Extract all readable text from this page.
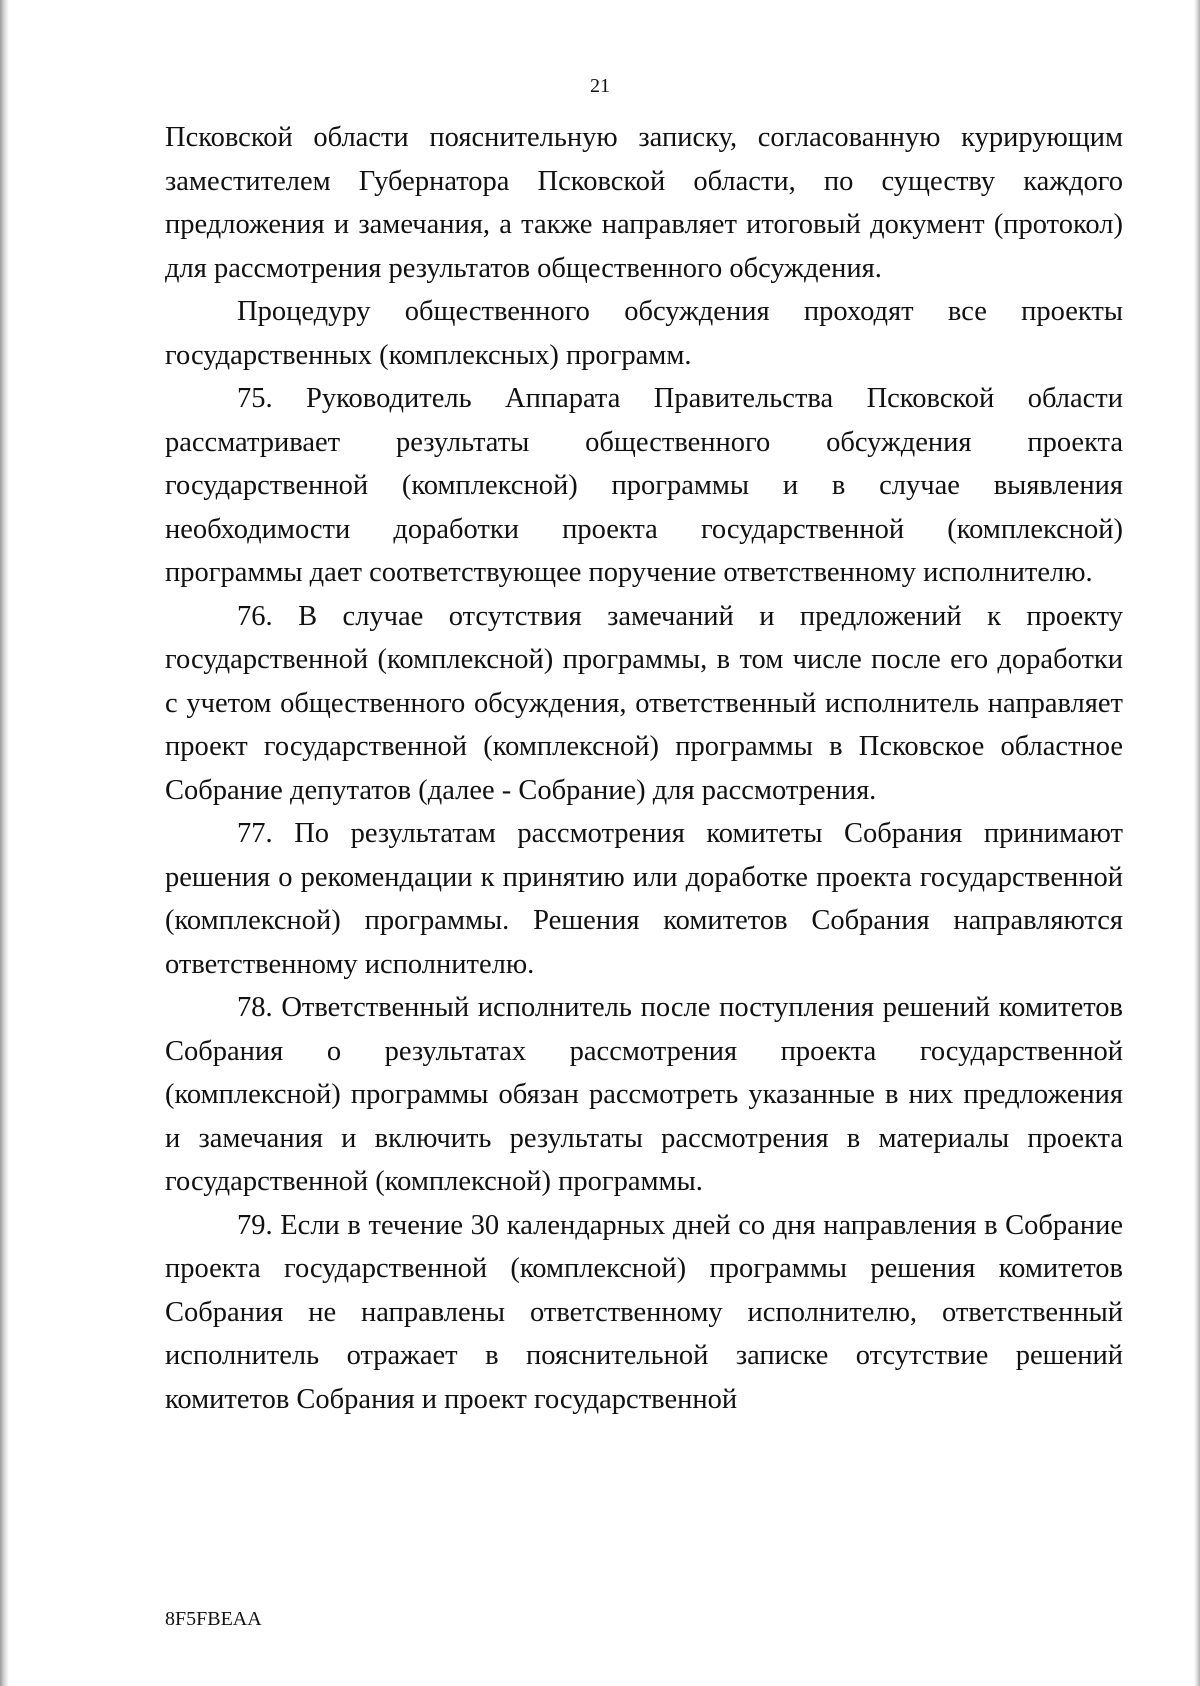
21

Псковской области пояснительную записку, согласованную курирующим заместителем Губернатора Псковской области, по существу каждого предложения и замечания, а также направляет итоговый документ (протокол) для рассмотрения результатов общественного обсуждения.

Процедуру общественного обсуждения проходят все проекты государственных (комплексных) программ.

75. Руководитель Аппарата Правительства Псковской области рассматривает результаты общественного обсуждения проекта государственной (комплексной) программы и в случае выявления необходимости доработки проекта государственной (комплексной) программы дает соответствующее поручение ответственному исполнителю.

76. В случае отсутствия замечаний и предложений к проекту государственной (комплексной) программы, в том числе после его доработки с учетом общественного обсуждения, ответственный исполнитель направляет проект государственной (комплексной) программы в Псковское областное Собрание депутатов (далее - Собрание) для рассмотрения.

77. По результатам рассмотрения комитеты Собрания принимают решения о рекомендации к принятию или доработке проекта государственной (комплексной) программы. Решения комитетов Собрания направляются ответственному исполнителю.

78. Ответственный исполнитель после поступления решений комитетов Собрания о результатах рассмотрения проекта государственной (комплексной) программы обязан рассмотреть указанные в них предложения и замечания и включить результаты рассмотрения в материалы проекта государственной (комплексной) программы.

79. Если в течение 30 календарных дней со дня направления в Собрание проекта государственной (комплексной) программы решения комитетов Собрания не направлены ответственному исполнителю, ответственный исполнитель отражает в пояснительной записке отсутствие решений комитетов Собрания и проект государственной

8F5FBEAA
